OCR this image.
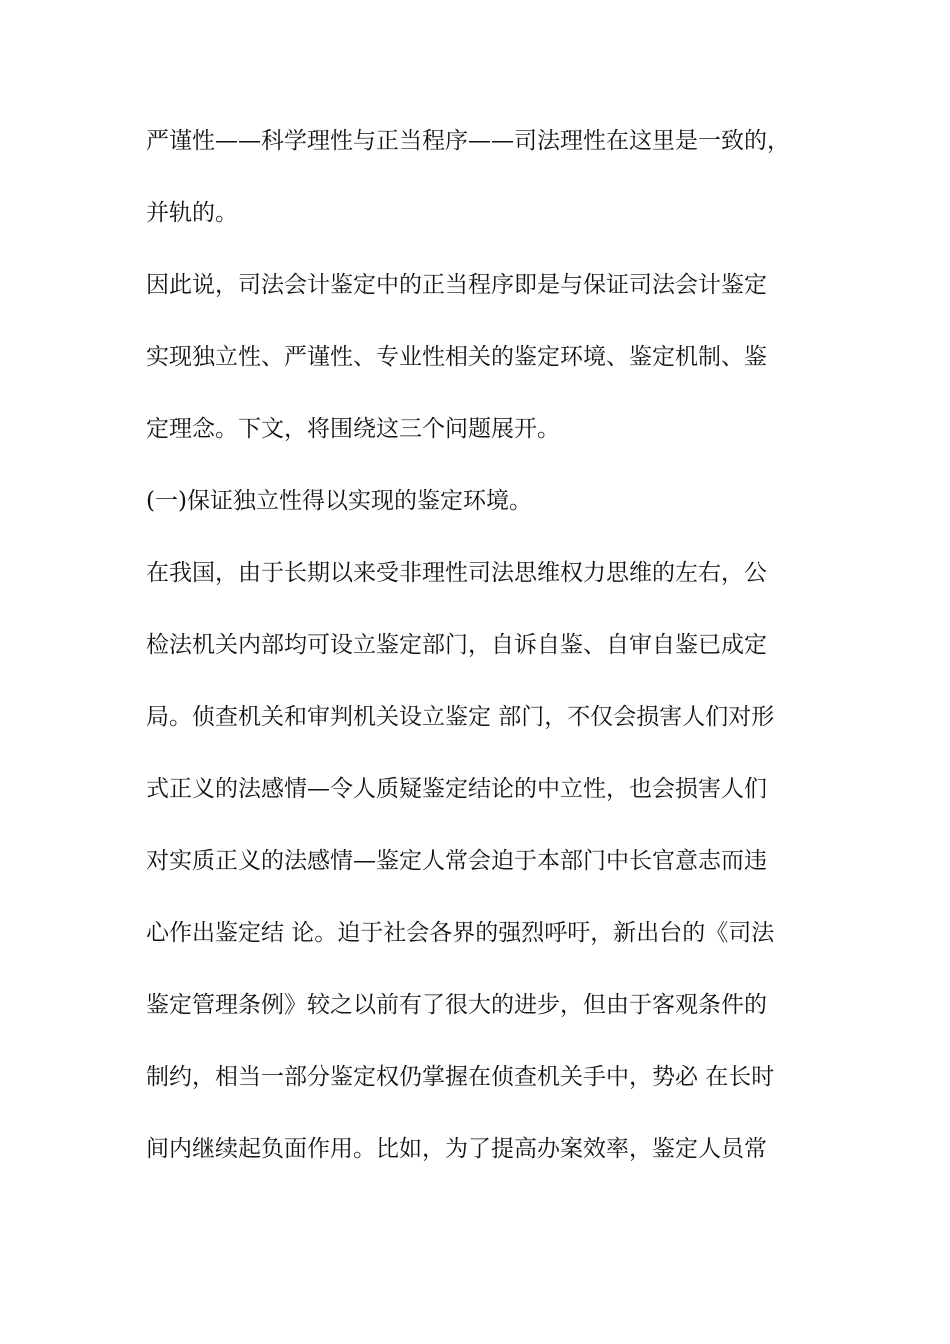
严谨性——科学理性与正当程序——司法理性在这里是一致的，
并轨的。
因此说，司法会计鉴定中的正当程序即是与保证司法会计鉴定
实现独立性、严谨性、专业性相关的鉴定环境、鉴定机制、鉴
定理念。下文，将围绕这三个问题展开。
(一)保证独立性得以实现的鉴定环境。
在我国，由于长期以来受非理性司法思维权力思维的左右，公
检法机关内部均可设立鉴定部门，自诉自鉴、自审自鉴已成定
局。侦查机关和审判机关设立鉴定 部门，不仅会损害人们对形
式正义的法感情—令人质疑鉴定结论的中立性，也会损害人们
对实质正义的法感情—鉴定人常会迫于本部门中长官意志而违
心作出鉴定结 论。迫于社会各界的强烈呼吁，新出台的《司法
鉴定管理条例》较之以前有了很大的进步，但由于客观条件的
制约，相当一部分鉴定权仍掌握在侦查机关手中，势必 在长时
间内继续起负面作用。比如，为了提高办案效率，鉴定人员常
